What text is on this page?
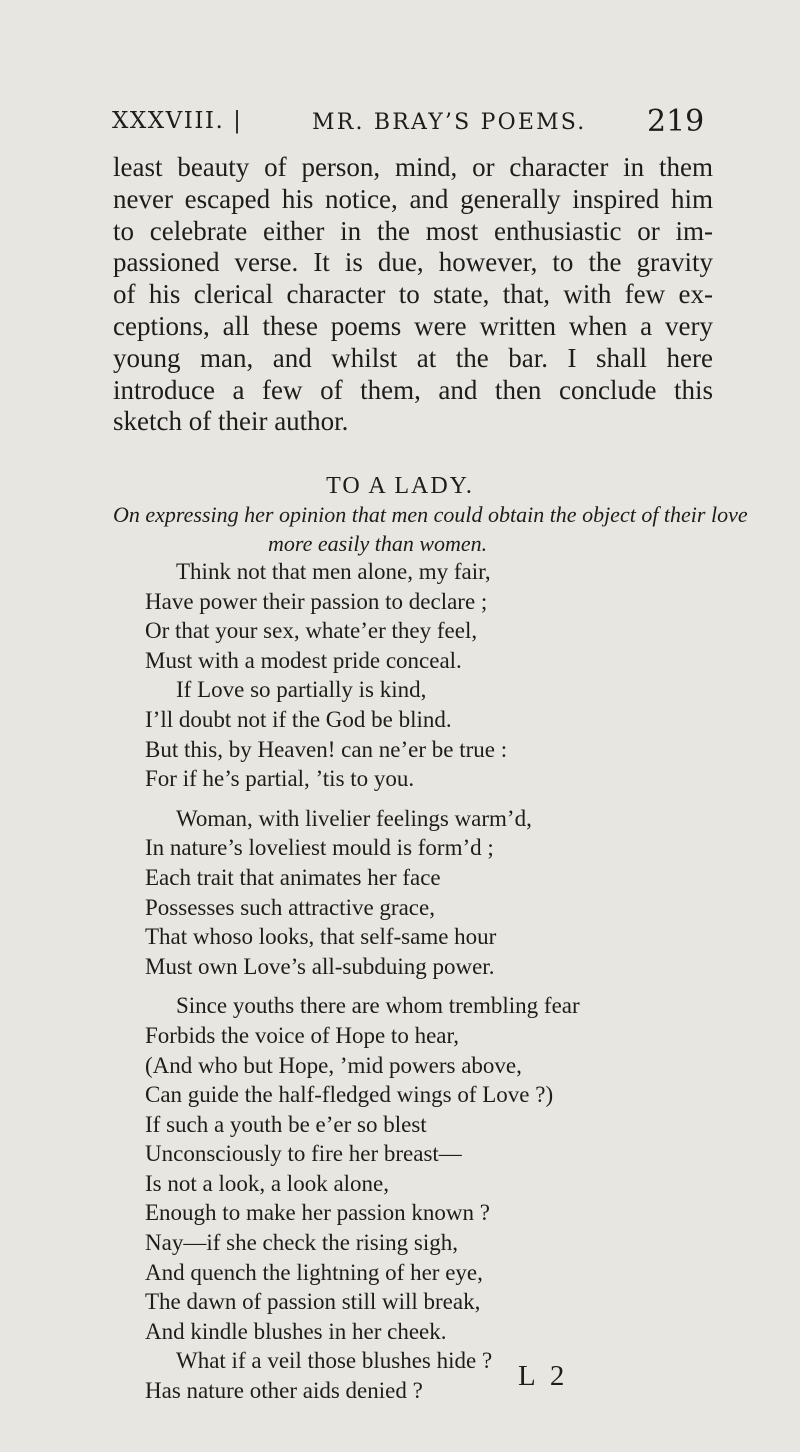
XXXVIII. |	MR. BRAY’S POEMS. 219
least beauty of person, mind, or character in them
never escaped his notice, and generally inspired him
to celebrate either in the most enthusiastic or im-
passioned verse. It is due, however, to the gravity
of his clerical character to state, that, with few ex-
ceptions, all these poems were written when a very
young man, and whilst at the bar. I shall here
introduce a few of them, and then conclude this
sketch of their author.
TO A LADY.
On expressing her opinion that men could obtain the object of their love
more easily than women.
Think not that men alone, my fair,
Have power their passion to declare ;
Or that your sex, whate’er they feel,
Must with a modest pride conceal.
If Love so partially is kind,
I’ll doubt not if the God be blind.
But this, by Heaven! can ne’er be true :
For if he’s partial, ’tis to you.
Woman, with livelier feelings warm’d,
In nature’s loveliest mould is form’d ;
Each trait that animates her face
Possesses such attractive grace,
That whoso looks, that self-same hour
Must own Love’s all-subduing power.
Since youths there are whom trembling fear
Forbids the voice of Hope to hear,
(And who but Hope, ’mid powers above,
Can guide the half-fledged wings of Love ?)
If such a youth be e’er so blest
Unconsciously to fire her breast—
Is not a look, a look alone,
Enough to make her passion known ?
Nay—if she check the rising sigh,
And quench the lightning of her eye,
The dawn of passion still will break,
And kindle blushes in her cheek.
What if a veil those blushes hide ?
Has nature other aids denied ?	L 2
